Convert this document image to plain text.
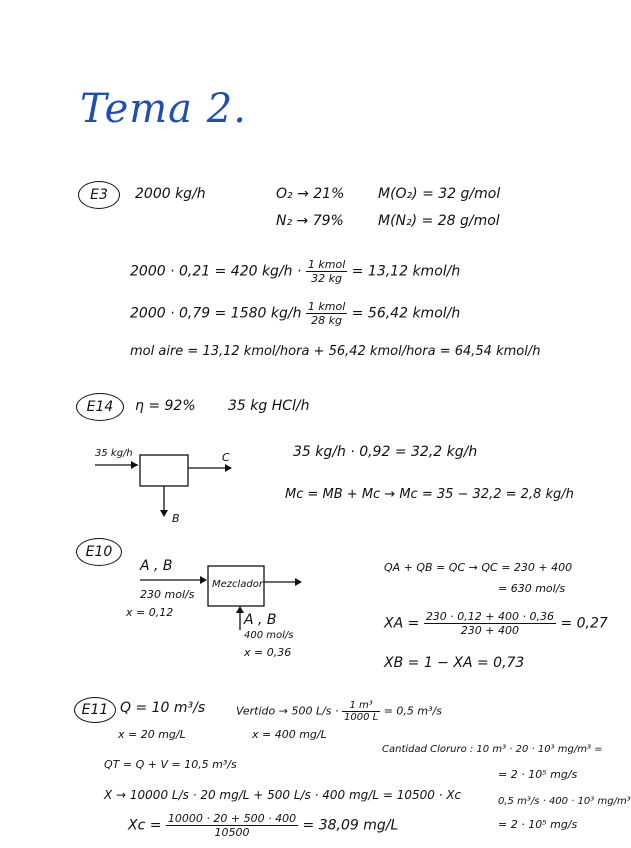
Tema 2.
E3	2000 kg/h	O₂ → 21% M(O₂) = 32 g/mol
N₂ → 79% M(N₂) = 28 g/mol
2000 · 0,21 = 420 $kg/h \cdot \frac{\text{1 kmol}}{32 kg} = 13,12$ kmol/h
2000 · 0,79 = 1580 $kg/h \frac{\text{1 kmol}}{28 kg} = 56,42$ kmol/h
mol aire = 13,12 kmol/hora + 56,42 kmol/hora = 64,54 kmol/h
E14	η = 92% 35 kg HCl/h
35 kg/h	C
B
35 kg/h · 0,92 = 32,2 kg/h
Mc = MB + Mc → Mc = 35 − 32,2 = 2,8 kg/h
E10
A , B
230 mol/s
x = 0,12
Mezclador
A , B
400 mol/s
x = 0,36
QA + QB = QC → QC = 230 + 400
= 630 mol/s
XA = $\frac{230 \cdot 0,12 + 400 \cdot 0,36}{230 + 400} = 0,27$
XB = 1 − XA = 0,73
E11 Q = 10 m³/s
x = 20 mg/L
Vertido → 500 $L/s \cdot \frac{\text{1 m³}}{1000 L} = 0,5$ m³/s
x = 400 mg/L
QT = Q + V = 10,5 m³/s
X → 10000 L/s · 20 mg/L + 500 L/s · 400 mg/L = 10500 · Xc
$Xc = \frac{10000 \cdot 20 + 500 \cdot 400}{10500} = 38,09$ mg/L
Cantidad Cloruro : 10 m³ · 20 · 10³ mg/m³ =
= 2 · 10⁵ mg/s
0,5 m³/s · 400 · 10³ mg/m³
= 2 · 10⁵ mg/s
